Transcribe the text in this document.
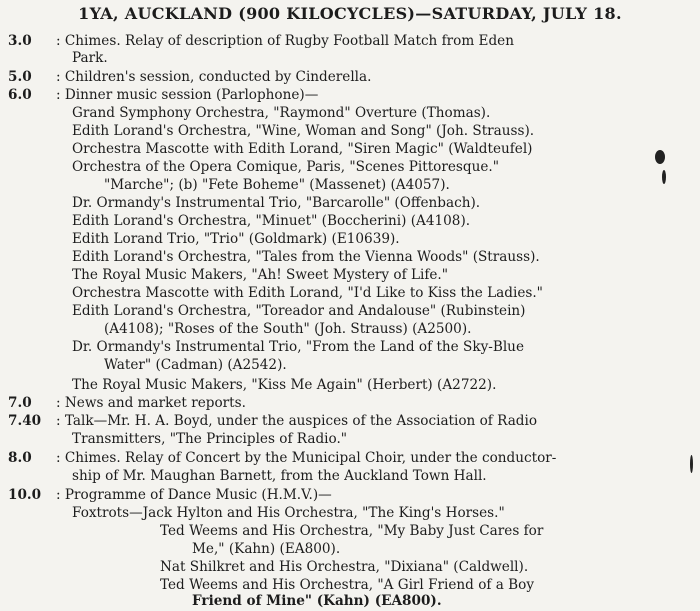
1YA, AUCKLAND (900 KILOCYCLES)—SATURDAY, JULY 18.
3.0	: Chimes. Relay of description of Rugby Football Match from Eden
Park.
5.0	: Children's session, conducted by Cinderella.
6.0	: Dinner music session (Parlophone)—
Grand Symphony Orchestra, "Raymond" Overture (Thomas).
Edith Lorand's Orchestra, "Wine, Woman and Song" (Joh. Strauss).
Orchestra Mascotte with Edith Lorand, "Siren Magic" (Waldteufel)
Orchestra of the Opera Comique, Paris, "Scenes Pittoresque."
"Marche"; (b) "Fete Boheme" (Massenet) (A4057).
Dr. Ormandy's Instrumental Trio, "Barcarolle" (Offenbach).
Edith Lorand's Orchestra, "Minuet" (Boccherini) (A4108).
Edith Lorand Trio, "Trio" (Goldmark) (E10639).
Edith Lorand's Orchestra, "Tales from the Vienna Woods" (Strauss).
The Royal Music Makers, "Ah! Sweet Mystery of Life."
Orchestra Mascotte with Edith Lorand, "I'd Like to Kiss the Ladies."
Edith Lorand's Orchestra, "Toreador and Andalouse" (Rubinstein)
(A4108); "Roses of the South" (Joh. Strauss) (A2500).
Dr. Ormandy's Instrumental Trio, "From the Land of the Sky-Blue
Water" (Cadman) (A2542).
The Royal Music Makers, "Kiss Me Again" (Herbert) (A2722).
7.0	: News and market reports.
7.40	: Talk—Mr. H. A. Boyd, under the auspices of the Association of Radio
Transmitters, "The Principles of Radio."
8.0	: Chimes. Relay of Concert by the Municipal Choir, under the conductor-
ship of Mr. Maughan Barnett, from the Auckland Town Hall.
10.0	: Programme of Dance Music (H.M.V.)—
Foxtrots—Jack Hylton and His Orchestra, "The King's Horses."
Ted Weems and His Orchestra, "My Baby Just Cares for
Me," (Kahn) (EA800).
Nat Shilkret and His Orchestra, "Dixiana" (Caldwell).
Ted Weems and His Orchestra, "A Girl Friend of a Boy
Friend of Mine" (Kahn) (EA800).
